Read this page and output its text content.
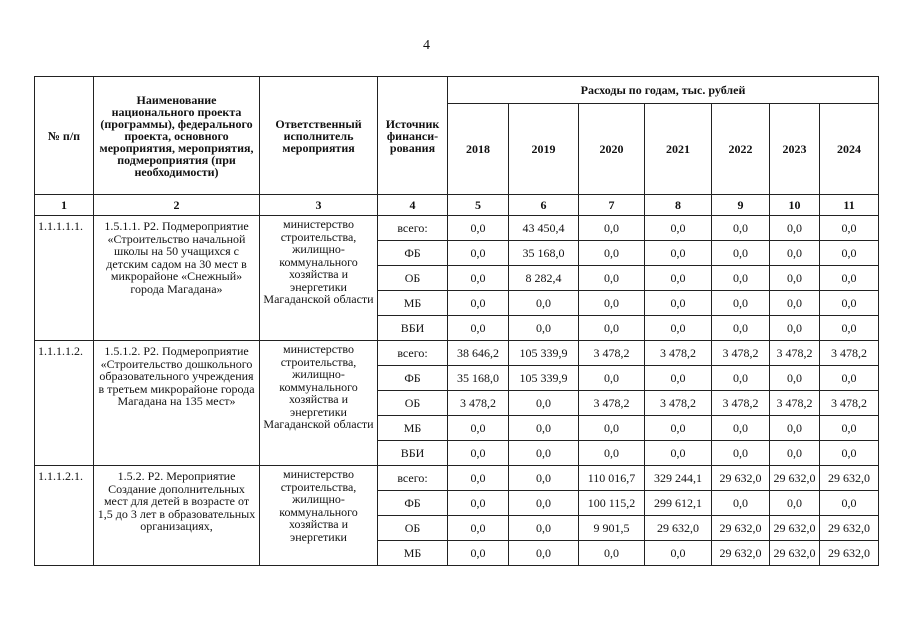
4
№ п/п	Наименование национального проекта (программы), федерального проекта, основного мероприятия, мероприятия, подмероприятия (при необходимости)	Ответственный исполнитель мероприятия	Источник финанси-рования	Расходы по годам, тыс. рублей						
				2018	2019	2020	2021	2022	2023	2024
1	2	3	4	5	6	7	8	9	10	11
1.1.1.1.1.	1.5.1.1. Р2. Подмероприятие «Строительство начальной школы на 50 учащихся с детским садом на 30 мест в микрорайоне «Снежный» города Магадана»	министерство строительства, жилищно-коммунального хозяйства и энергетики Магаданской области	всего:	0,0	43 450,4	0,0	0,0	0,0	0,0	0,0
			ФБ	0,0	35 168,0	0,0	0,0	0,0	0,0	0,0
			ОБ	0,0	8 282,4	0,0	0,0	0,0	0,0	0,0
			МБ	0,0	0,0	0,0	0,0	0,0	0,0	0,0
			ВБИ	0,0	0,0	0,0	0,0	0,0	0,0	0,0
1.1.1.1.2.	1.5.1.2. Р2. Подмероприятие «Строительство дошкольного образовательного учреждения в третьем микрорайоне города Магадана на 135 мест»	министерство строительства, жилищно-коммунального хозяйства и энергетики Магаданской области	всего:	38 646,2	105 339,9	3 478,2	3 478,2	3 478,2	3 478,2	3 478,2
			ФБ	35 168,0	105 339,9	0,0	0,0	0,0	0,0	0,0
			ОБ	3 478,2	0,0	3 478,2	3 478,2	3 478,2	3 478,2	3 478,2
			МБ	0,0	0,0	0,0	0,0	0,0	0,0	0,0
			ВБИ	0,0	0,0	0,0	0,0	0,0	0,0	0,0
1.1.1.2.1.	1.5.2. Р2. Мероприятие Создание дополнительных мест для детей в возрасте от 1,5 до 3 лет в образовательных организациях,	министерство строительства, жилищно-коммунального хозяйства и энергетики	всего:	0,0	0,0	110 016,7	329 244,1	29 632,0	29 632,0	29 632,0
			ФБ	0,0	0,0	100 115,2	299 612,1	0,0	0,0	0,0
			ОБ	0,0	0,0	9 901,5	29 632,0	29 632,0	29 632,0	29 632,0
			МБ	0,0	0,0	0,0	0,0	29 632,0	29 632,0	29 632,0
